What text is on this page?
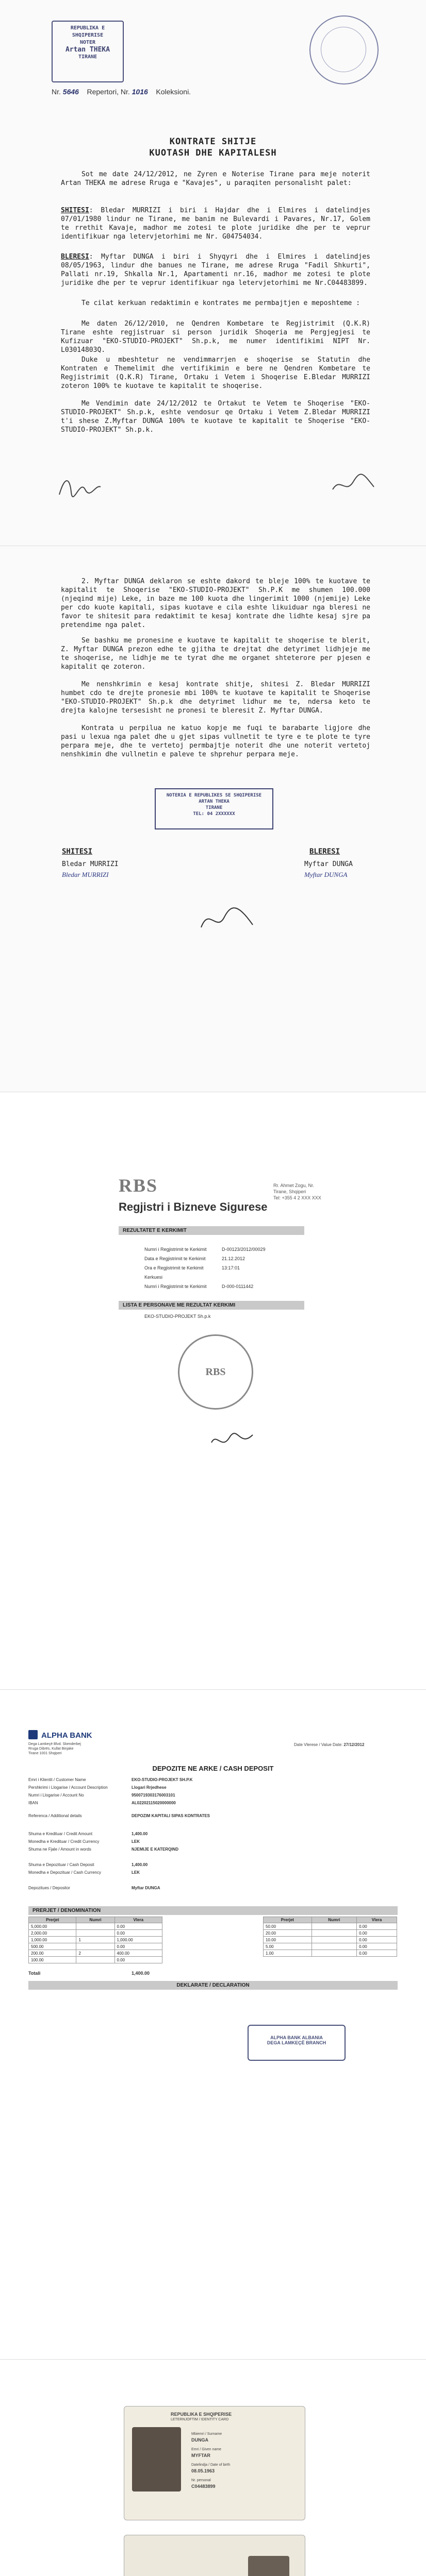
REPUBLIKA E SHQIPERISE
NOTER
Artan THEKA
TIRANE
Nr. 5646 Repertori, Nr. 1016 Koleksioni.
KONTRATE SHITJE
KUOTASH DHE KAPITALESH
Sot me date 24/12/2012, ne Zyren e Noterise Tirane para meje noterit Artan THEKA me adrese Rruga e "Kavajes", u paraqiten personalisht palet:
SHITESI: Bledar MURRIZI i biri i Hajdar dhe i Elmires i datelindjes 07/01/1980 lindur ne Tirane, me banim ne Bulevardi i Pavares, Nr.17, Golem te rrethit Kavaje, madhor me zotesi te plote juridike dhe per te veprur identifikuar nga letervjetorhimi me Nr. G04754034.
BLERESI: Myftar DUNGA i biri i Shyqyri dhe i Elmires i datelindjes 08/05/1963, lindur dhe banues ne Tirane, me adrese Rruga "Fadil Shkurti", Pallati nr.19, Shkalla Nr.1, Apartamenti nr.16, madhor me zotesi te plote juridike dhe per te veprur identifikuar nga letervjetorhimi me Nr.C04483899.
Te cilat kerkuan redaktimin e kontrates me permbajtjen e meposhteme :
Me daten 26/12/2010, ne Qendren Kombetare te Regjistrimit (Q.K.R) Tirane eshte regjistruar si person juridik Shoqeria me Pergjegjesi te Kufizuar "EKO-STUDIO-PROJEKT" Sh.p.k, me numer identifikimi NIPT Nr. L03014803Q.
Duke u mbeshtetur ne vendimmarrjen e shoqerise se Statutin dhe Kontraten e Themelimit dhe vertifikimin e bere ne Qendren Kombetare te Regjistrimit (Q.K.R) Tirane, Ortaku i Vetem i Shoqerise E.Bledar MURRIZI zoteron 100% te kuotave te kapitalit te shoqerise.
Me Vendimin date 24/12/2012 te Ortakut te Vetem te Shoqerise "EKO-STUDIO-PROJEKT" Sh.p.k, eshte vendosur qe Ortaku i Vetem Z.Bledar MURRIZI t'i shese Z.Myftar DUNGA 100% te kuotave te kapitalit te Shoqerise "EKO-STUDIO-PROJEKT" Sh.p.k.
2. Myftar DUNGA deklaron se eshte dakord te bleje 100% te kuotave te kapitalit te Shoqerise "EKO-STUDIO-PROJEKT" Sh.P.K me shumen 100.000 (njeqind mije) Leke, in baze me 100 kuota dhe lingerimit 1000 (njemije) Leke per cdo kuote kapitali, sipas kuotave e cila eshte likuiduar nga bleresi ne favor te shitesit para redaktimit te kesaj kontrate dhe lidhte kesaj sjre pa pretendime nga palet.
Se bashku me pronesine e kuotave te kapitalit te shoqerise te blerit, Z. Myftar DUNGA prezon edhe te gjitha te drejtat dhe detyrimet lidhjeje me te shoqerise, ne lidhje me te tyrat dhe me organet shteterore per pjesen e kapitalit qe zoteron.
Me nenshkrimin e kesaj kontrate shitje, shitesi Z. Bledar MURRIZI humbet cdo te drejte pronesie mbi 100% te kuotave te kapitalit te Shoqerise "EKO-STUDIO-PROJEKT" Sh.p.k dhe detyrimet lidhur me te, ndersa keto te drejta kalojne tersesisht ne pronesi te bleresit Z. Myftar DUNGA.
Kontrata u perpilua ne katuo kopje me fuqi te barabarte ligjore dhe pasi u lexua nga palet dhe u gjet sipas vullnetit te tyre e te plote te tyre perpara meje, dhe te vertetoj permbajtje noterit dhe une noterit vertetoj nenshkimin dhe vullnetin e paleve te shprehur perpara meje.
NOTERIA E REPUBLIKES SE SHQIPERISE
ARTAN THEKA
TIRANE
TEL: 04 2XXXXXX
SHITESI
Bledar MURRIZI
Bledar MURRIZI
BLERESI
Myftar DUNGA
Myftar DUNGA
RBS
Regjistri i Bizneve Sigurese
Rr. Ahmet Zogu, Nr.
Tirane, Shqiperi
Tel: +355 4 2 XXX XXX
REZULTATET E KERKIMIT
Numri i Regjistrimit te Kerkimit	D-00123/2012/00029
Data e Regjistrimit te Kerkimit	21.12.2012
Ora e Regjistrimit te Kerkimit	13:17:01
Kerkuesi
Numri i Regjistrimit te Kerkimit	D-000-0111442
LISTA E PERSONAVE ME REZULTAT KERKIMI
EKO-STUDIO-PROJEKT Sh.p.k
RBS
ALPHA BANK
Dega Lamkeçë Blvd. Skenderbej
Rruga Dibrës, Kullat Binjake
Tirane 1001 Shqiperi
Date Vlerese / Value Date: 27/12/2012
DEPOZITE NE ARKE / CASH DEPOSIT
Emri i Klientit / Customer Name	EKO-STUDIO-PROJEKT SH.P.K
Pershkrimi i Llogarise / Account Description	Llogari Rrjedhese
Numri i Llogarise / Account No	9500719303176003101
IBAN	AL02202115020000000
Referenca / Additional details	DEPOZIM KAPITALI SIPAS KONTRATES
Shuma e Kredituar / Credit Amount	1,400.00
Monedha e Kredituar / Credit Currency	LEK
Shuma ne Fjale / Amount in words	NJEMIJE E KATERQIND
Shuma e Depozituar / Cash Deposit	1,400.00
Monedha e Depozituar / Cash Currency	LEK
Depozitues / Depositor	Myftar DUNGA
PRERJET / DENOMINATION
Prerjet	Numri	Vlera
5,000.00		0.00
2,000.00		0.00
1,000.00	1	1,000.00
500.00		0.00
200.00	2	400.00
100.00		0.00
Prerjet	Numri	Vlera
50.00		0.00
20.00		0.00
10.00		0.00
5.00		0.00
1.00		0.00
Totali	1,400.00
DEKLARATE / DECLARATION
ALPHA BANK ALBANIA
DEGA LAMKEÇË BRANCH
REPUBLIKA E SHQIPERISE
LETERNJOFTIM / IDENTITY CARD
Mbiemri / Surname
DUNGA
Emri / Given name
MYFTAR
Datelindja / Date of birth
08.05.1963
Nr. personal
C04483899
